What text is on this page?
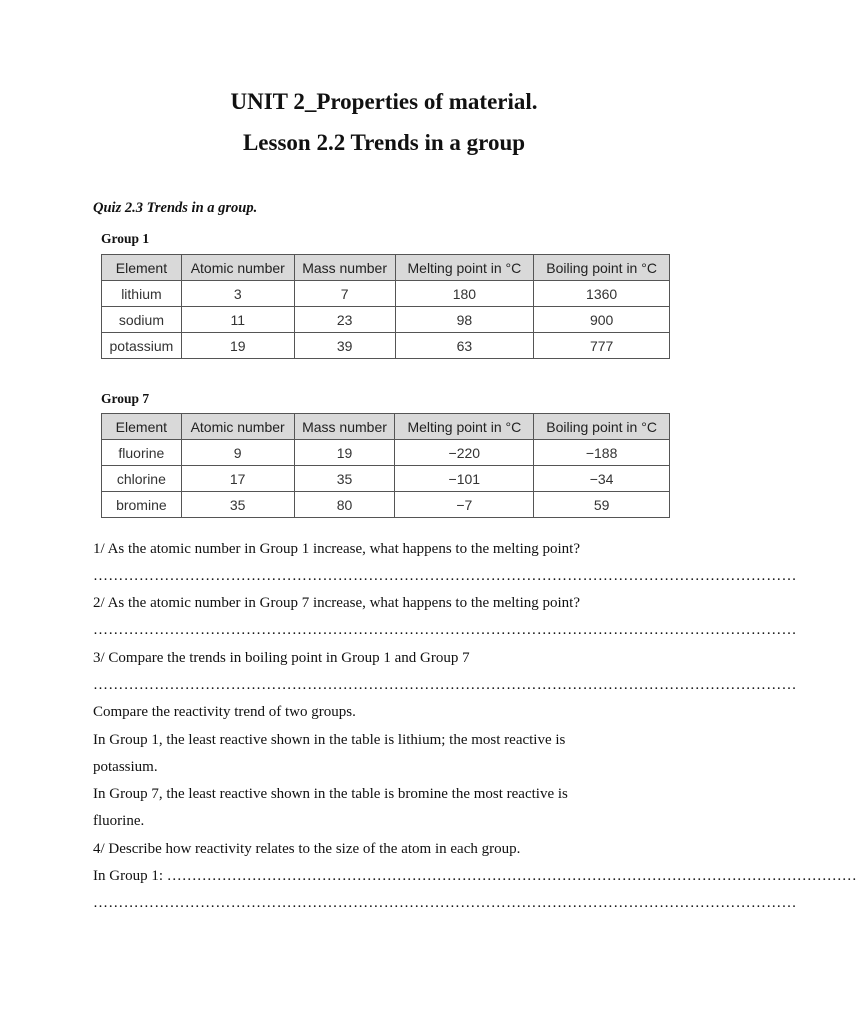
UNIT 2_Properties of material.
Lesson 2.2 Trends in a group
Quiz 2.3 Trends in a group.
Group 1
Element	Atomic number	Mass number	Melting point in °C	Boiling point in °C
lithium	3	7	180	1360
sodium	11	23	98	900
potassium	19	39	63	777
Group 7
Element	Atomic number	Mass number	Melting point in °C	Boiling point in °C
fluorine	9	19	−220	−188
chlorine	17	35	−101	−34
bromine	35	80	−7	59
1/ As the atomic number in Group 1 increase, what happens to the melting point?
…………………………………………………………………………………………………………………………
2/ As the atomic number in Group 7 increase, what happens to the melting point?
…………………………………………………………………………………………………………………………
3/ Compare the trends in boiling point in Group 1 and Group 7
…………………………………………………………………………………………………………………………
Compare the reactivity trend of two groups.
In Group 1, the least reactive shown in the table is lithium; the most reactive is
potassium.
In Group 7, the least reactive shown in the table is bromine the most reactive is
fluorine.
4/ Describe how reactivity relates to the size of the atom in each group.
In Group 1: …………………………………………………………………………………………………………………………
…………………………………………………………………………………………………………………………
